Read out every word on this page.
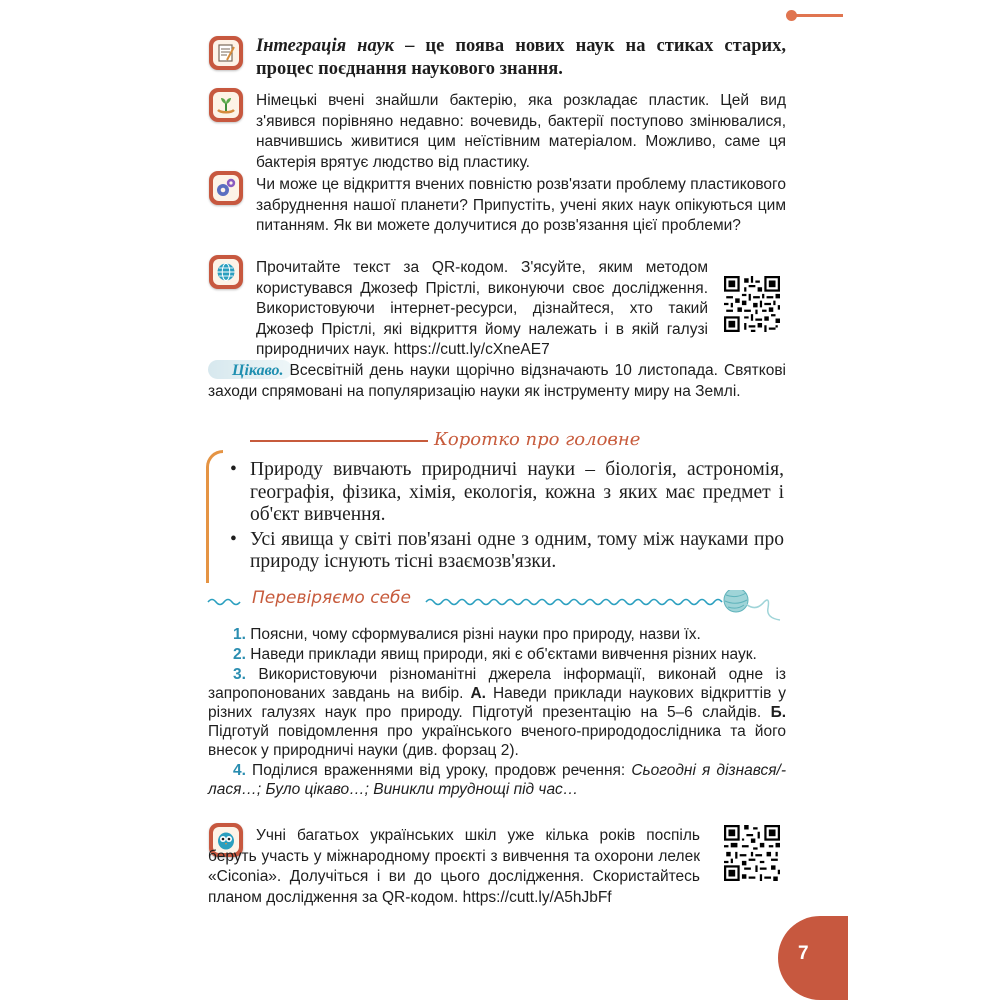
Інтеграція наук – це поява нових наук на стиках старих, процес поєднання наукового знання.

Німецькі вчені знайшли бактерію, яка розкладає пластик. Цей вид з'явився порівняно недавно: вочевидь, бактерії поступово змінювалися, навчившись живитися цим неїстівним матеріалом. Можливо, саме ця бактерія врятує людство від пластику.

Чи може це відкриття вчених повністю розв'язати проблему пластикового забруднення нашої планети? Припустіть, учені яких наук опікуються цим питанням. Як ви можете долучитися до розв'язання цієї проблеми?

Прочитайте текст за QR-кодом. З'ясуйте, яким методом користувався Джозеф Прістлі, виконуючи своє дослідження. Використовуючи інтернет-ресурси, дізнайтеся, хто такий Джозеф Прістлі, які відкриття йому належать і в якій галузі природничих наук. https://cutt.ly/cXneAE7

Цікаво. Всесвітній день науки щорічно відзначають 10 листопада. Святкові заходи спрямовані на популяризацію науки як інструменту миру на Землі.

Коротко про головне
• Природу вивчають природничі науки – біологія, астрономія, географія, фізика, хімія, екологія, кожна з яких має предмет і об'єкт вивчення.
• Усі явища у світі пов'язані одне з одним, тому між науками про природу існують тісні взаємозв'язки.
Перевіряємо себе

1. Поясни, чому сформувалися різні науки про природу, назви їх.

2. Наведи приклади явищ природи, які є об'єктами вивчення різних наук.

3. Використовуючи різноманітні джерела інформації, виконай одне із запропонованих завдань на вибір. А. Наведи приклади наукових відкриттів у різних галузях наук про природу. Підготуй презентацію на 5–6 слайдів. Б. Підготуй повідомлення про українського вченого-природодослідника та його внесок у природничі науки (див. форзац 2).

4. Поділися враженнями від уроку, продовж речення: Сьогодні я дізнався/-лася…; Було цікаво…; Виникли труднощі під час…

Учні багатьох українських шкіл уже кілька років поспіль беруть участь у міжнародному проєкті з вивчення та охорони лелек «Ciconia». Долучіться і ви до цього дослідження. Скористайтесь планом дослідження за QR-кодом. https://cutt.ly/A5hJbFf

7
